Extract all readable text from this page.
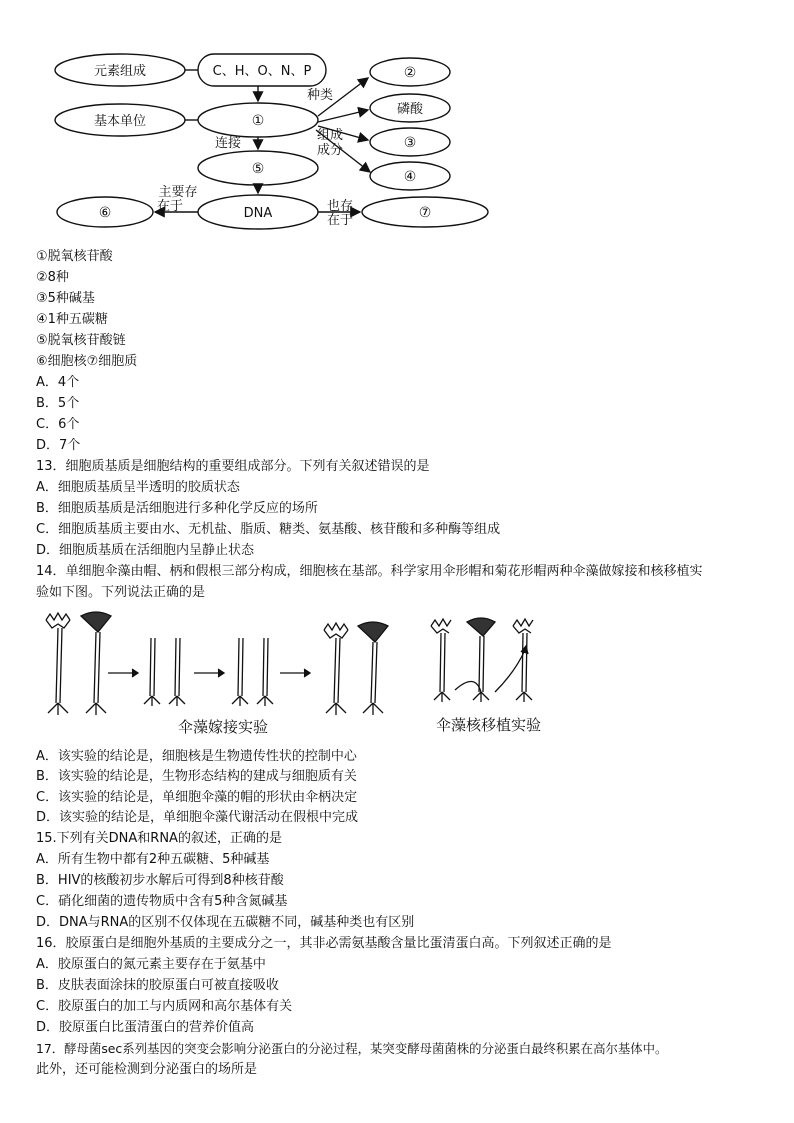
元素组成
基本单位
C、H、O、N、P
①
⑤
DNA
②
磷酸
③
④
⑥	⑦
种类
组成
成分
连接
主要存
在于	也存
在于
①脱氧核苷酸
②8种
③5种碱基
④1种五碳糖
⑤脱氧核苷酸链
⑥细胞核⑦细胞质
A．4个
B．5个
C．6个
D．7个
13．细胞质基质是细胞结构的重要组成部分。下列有关叙述错误的是
A．细胞质基质呈半透明的胶质状态
B．细胞质基质是活细胞进行多种化学反应的场所
C．细胞质基质主要由水、无机盐、脂质、糖类、氨基酸、核苷酸和多种酶等组成
D．细胞质基质在活细胞内呈静止状态
14．单细胞伞藻由帽、柄和假根三部分构成，细胞核在基部。科学家用伞形帽和菊花形帽两种伞藻做嫁接和核移植实
验如下图。下列说法正确的是
伞藻嫁接实验	伞藻核移植实验
A．该实验的结论是，细胞核是生物遗传性状的控制中心
B．该实验的结论是，生物形态结构的建成与细胞质有关
C．该实验的结论是，单细胞伞藻的帽的形状由伞柄决定
D．该实验的结论是，单细胞伞藻代谢活动在假根中完成
15.下列有关DNA和RNA的叙述，正确的是
A．所有生物中都有2种五碳糖、5种碱基
B．HIV的核酸初步水解后可得到8种核苷酸
C．硝化细菌的遗传物质中含有5种含氮碱基
D．DNA与RNA的区别不仅体现在五碳糖不同，碱基种类也有区别
16．胶原蛋白是细胞外基质的主要成分之一，其非必需氨基酸含量比蛋清蛋白高。下列叙述正确的是
A．胶原蛋白的氮元素主要存在于氨基中
B．皮肤表面涂抹的胶原蛋白可被直接吸收
C．胶原蛋白的加工与内质网和高尔基体有关
D．胶原蛋白比蛋清蛋白的营养价值高
17．酵母菌sec系列基因的突变会影响分泌蛋白的分泌过程，某突变酵母菌菌株的分泌蛋白最终积累在高尔基体中。
此外，还可能检测到分泌蛋白的场所是
